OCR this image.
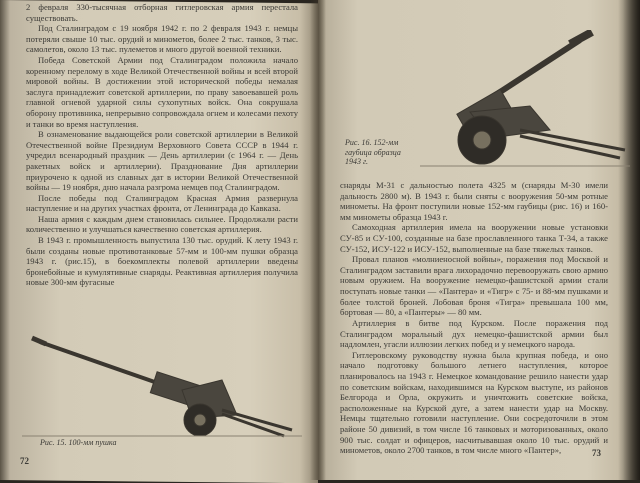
2 февраля 330-тысячная отборная гитлеровская армия перестала существовать.

Под Сталинградом с 19 ноября 1942 г. по 2 февраля 1943 г. немцы потеряли свыше 10 тыс. орудий и минометов, более 2 тыс. танков, 3 тыс. самолетов, около 13 тыс. пулеметов и много другой военной техники.

Победа Советской Армии под Сталинградом положила начало коренному перелому в ходе Великой Отечественной войны и всей второй мировой войны. В достижении этой исторической победы немалая заслуга принадлежит советской артиллерии, по праву завоевавшей роль главной огневой ударной силы сухопутных войск. Она сокрушала оборону противника, непрерывно сопровождала огнем и колесами пехоту и танки во время наступления.

В ознаменование выдающейся роли советской артиллерии в Великой Отечественной войне Президиум Верховного Совета СССР в 1944 г. учредил всенародный праздник — День артиллерии (с 1964 г. — День ракетных войск и артиллерии). Празднование Дня артиллерии приурочено к одной из славных дат в истории Великой Отечественной войны — 19 ноября, дню начала разгрома немцев под Сталинградом.

После победы под Сталинградом Красная Армия развернула наступление и на других участках фронта, от Ленинграда до Кавказа.

Наша армия с каждым днем становилась сильнее. Продолжали расти количественно и улучшаться качественно советская артиллерия.

В 1943 г. промышленность выпустила 130 тыс. орудий. К лету 1943 г. были созданы новые противотанковые 57-мм и 100-мм пушки образца 1943 г. (рис.15), в боекомплекты полевой артиллерии введены бронебойные и кумулятивные снаряды. Реактивная артиллерия получила новые 300-мм фугасные

Рис. 15. 100-мм пушка
72
Рис. 16. 152-мм гаубица образца 1943 г.

снаряды М-31 с дальностью полета 4325 м (снаряды М-30 имели дальность 2800 м). В 1943 г. были сняты с вооружения 50-мм ротные минометы. На фронт поступили новые 152-мм гаубицы (рис. 16) и 160-мм минометы образца 1943 г.

Самоходная артиллерия имела на вооружении новые установки СУ-85 и СУ-100, созданные на базе прославленного танка Т-34, а также СУ-152, ИСУ-122 и ИСУ-152, выполненные на базе тяжелых танков.

Провал планов «молниеносной войны», поражения под Москвой и Сталинградом заставили врага лихорадочно перевооружать свою армию новым оружием. На вооружение немецко-фашистской армии стали поступать новые танки — «Пантера» и «Тигр» с 75- и 88-мм пушками и более толстой броней. Лобовая броня «Тигра» превышала 100 мм, бортовая — 80, а «Пантеры» — 80 мм.

Артиллерия в битве под Курском. После поражения под Сталинградом моральный дух немецко-фашистской армии был надломлен, угасли иллюзии легких побед и у немецкого народа.

Гитлеровскому руководству нужна была крупная победа, и оно начало подготовку большого летнего наступления, которое планировалось на 1943 г. Немецкое командование решило нанести удар по советским войскам, находившимся на Курском выступе, из районов Белгорода и Орла, окружить и уничтожить советские войска, расположенные на Курской дуге, а затем нанести удар на Москву. Немцы тщательно готовили наступление. Они сосредоточили в этом районе 50 дивизий, в том числе 16 танковых и моторизованных, около 900 тыс. солдат и офицеров, насчитывавшая около 10 тыс. орудий и минометов, около 2700 танков, в том числе много «Пантер»,	73
